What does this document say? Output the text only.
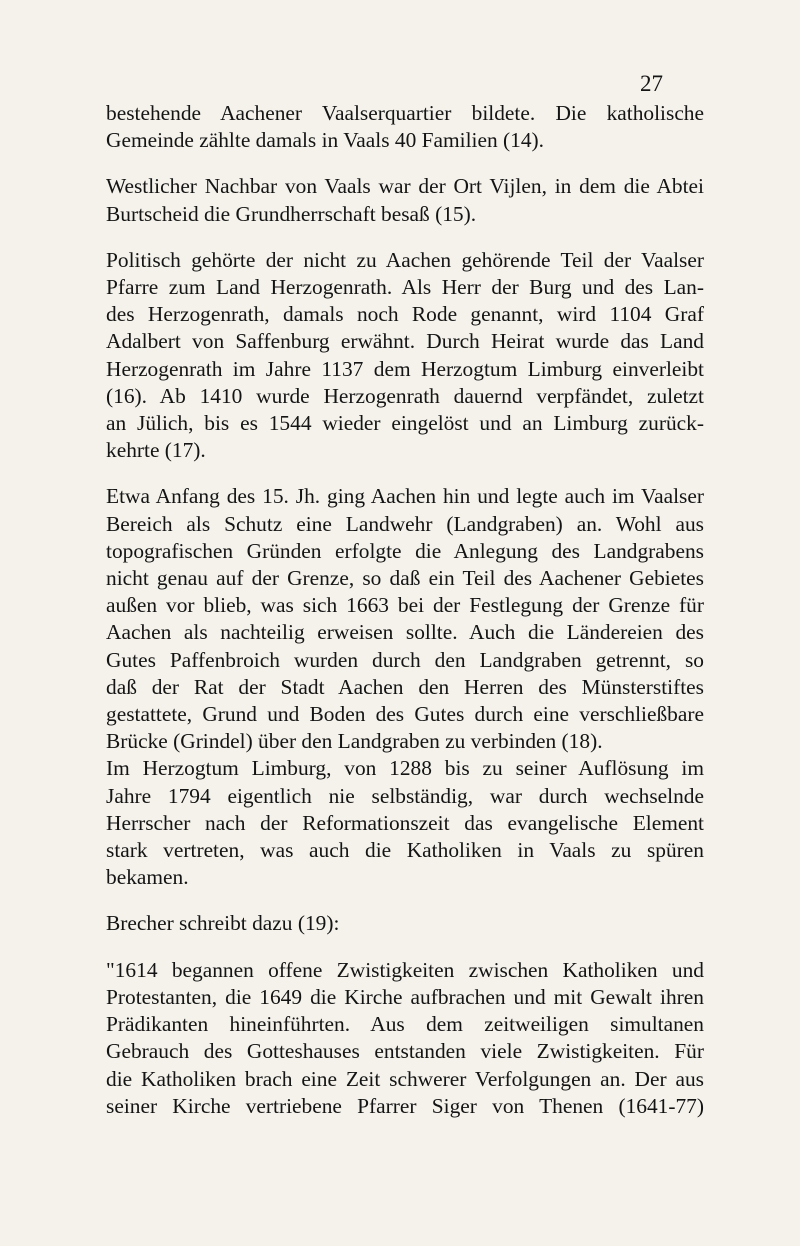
27

bestehende Aachener Vaalserquartier bildete. Die katholische
Gemeinde zählte damals in Vaals 40 Familien (14).

Westlicher Nachbar von Vaals war der Ort Vijlen, in dem die Abtei
Burtscheid die Grundherrschaft besaß (15).

Politisch gehörte der nicht zu Aachen gehörende Teil der Vaalser
Pfarre zum Land Herzogenrath. Als Herr der Burg und des Lan-
des Herzogenrath, damals noch Rode genannt, wird 1104 Graf
Adalbert von Saffenburg erwähnt. Durch Heirat wurde das Land
Herzogenrath im Jahre 1137 dem Herzogtum Limburg einverleibt
(16). Ab 1410 wurde Herzogenrath dauernd verpfändet, zuletzt
an Jülich, bis es 1544 wieder eingelöst und an Limburg zurück-
kehrte (17).

Etwa Anfang des 15. Jh. ging Aachen hin und legte auch im Vaalser
Bereich als Schutz eine Landwehr (Landgraben) an. Wohl aus
topografischen Gründen erfolgte die Anlegung des Landgrabens
nicht genau auf der Grenze, so daß ein Teil des Aachener Gebietes
außen vor blieb, was sich 1663 bei der Festlegung der Grenze für
Aachen als nachteilig erweisen sollte. Auch die Ländereien des
Gutes Paffenbroich wurden durch den Landgraben getrennt, so
daß der Rat der Stadt Aachen den Herren des Münsterstiftes
gestattete, Grund und Boden des Gutes durch eine verschließbare
Brücke (Grindel) über den Landgraben zu verbinden (18).

Im Herzogtum Limburg, von 1288 bis zu seiner Auflösung im
Jahre 1794 eigentlich nie selbständig, war durch wechselnde
Herrscher nach der Reformationszeit das evangelische Element
stark vertreten, was auch die Katholiken in Vaals zu spüren
bekamen.

Brecher schreibt dazu (19):

"1614 begannen offene Zwistigkeiten zwischen Katholiken und
Protestanten, die 1649 die Kirche aufbrachen und mit Gewalt ihren
Prädikanten hineinführten. Aus dem zeitweiligen simultanen
Gebrauch des Gotteshauses entstanden viele Zwistigkeiten. Für
die Katholiken brach eine Zeit schwerer Verfolgungen an. Der aus
seiner Kirche vertriebene Pfarrer Siger von Thenen (1641-77)
